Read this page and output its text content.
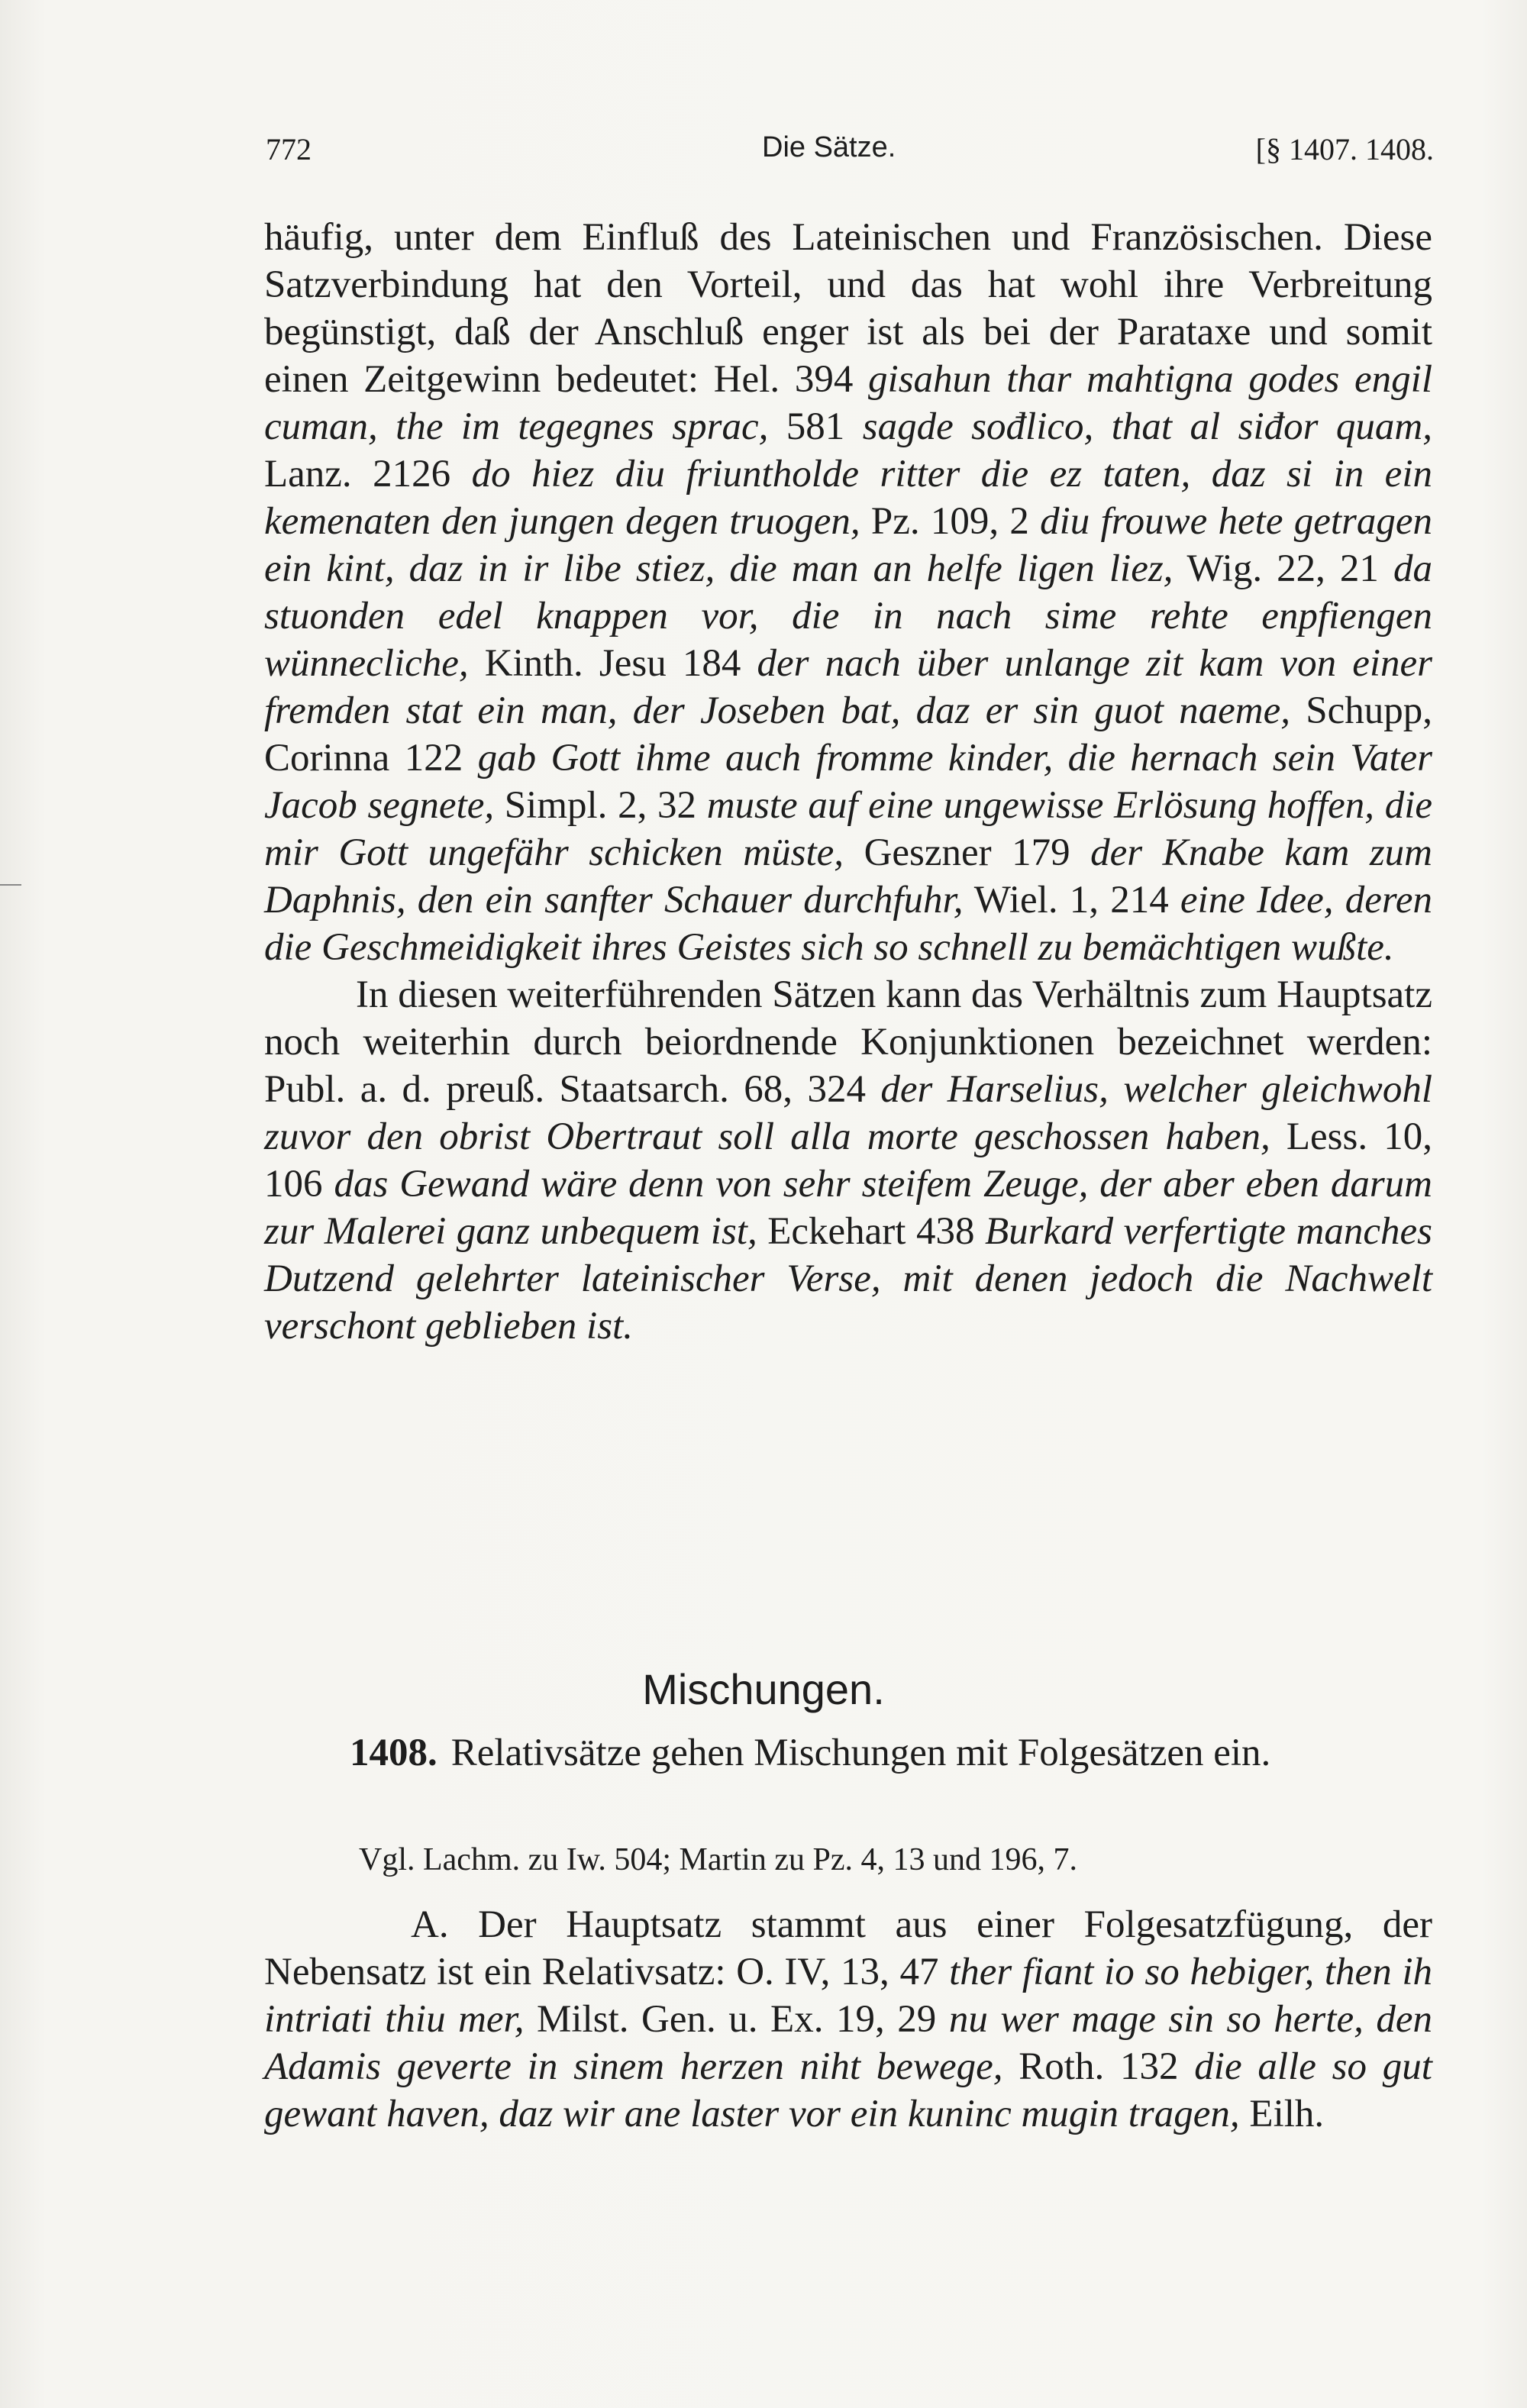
772	Die Sätze.	[§ 1407. 1408.

häufig, unter dem Einfluß des Lateinischen und Französischen. Diese Satzverbindung hat den Vorteil, und das hat wohl ihre Verbreitung begünstigt, daß der Anschluß enger ist als bei der Parataxe und somit einen Zeitgewinn bedeutet: Hel. 394 gisahun thar mahtigna godes engil cuman, the im tegegnes sprac, 581 sagde sođlico, that al siđor quam, Lanz. 2126 do hiez diu friuntholde ritter die ez taten, daz si in ein kemenaten den jungen degen truogen, Pz. 109, 2 diu frouwe hete getragen ein kint, daz in ir libe stiez, die man an helfe ligen liez, Wig. 22, 21 da stuonden edel knappen vor, die in nach sime rehte enpfiengen wünnecliche, Kinth. Jesu 184 der nach über unlange zit kam von einer fremden stat ein man, der Joseben bat, daz er sin guot naeme, Schupp, Corinna 122 gab Gott ihme auch fromme kinder, die hernach sein Vater Jacob segnete, Simpl. 2, 32 muste auf eine ungewisse Erlösung hoffen, die mir Gott ungefähr schicken müste, Geszner 179 der Knabe kam zum Daphnis, den ein sanfter Schauer durchfuhr, Wiel. 1, 214 eine Idee, deren die Geschmeidigkeit ihres Geistes sich so schnell zu bemächtigen wußte.

In diesen weiterführenden Sätzen kann das Verhältnis zum Hauptsatz noch weiterhin durch beiordnende Konjunktionen bezeichnet werden: Publ. a. d. preuß. Staatsarch. 68, 324 der Harselius, welcher gleichwohl zuvor den obrist Obertraut soll alla morte geschossen haben, Less. 10, 106 das Gewand wäre denn von sehr steifem Zeuge, der aber eben darum zur Malerei ganz unbequem ist, Eckehart 438 Burkard verfertigte manches Dutzend gelehrter lateinischer Verse, mit denen jedoch die Nachwelt verschont geblieben ist.

Mischungen.
1408. Relativsätze gehen Mischungen mit Folgesätzen ein.
Vgl. Lachm. zu Iw. 504; Martin zu Pz. 4, 13 und 196, 7.
A. Der Hauptsatz stammt aus einer Folgesatzfügung, der Nebensatz ist ein Relativsatz: O. IV, 13, 47 ther fiant io so hebiger, then ih intriati thiu mer, Milst. Gen. u. Ex. 19, 29 nu wer mage sin so herte, den Adamis geverte in sinem herzen niht bewege, Roth. 132 die alle so gut gewant haven, daz wir ane laster vor ein kuninc mugin tragen, Eilh.
